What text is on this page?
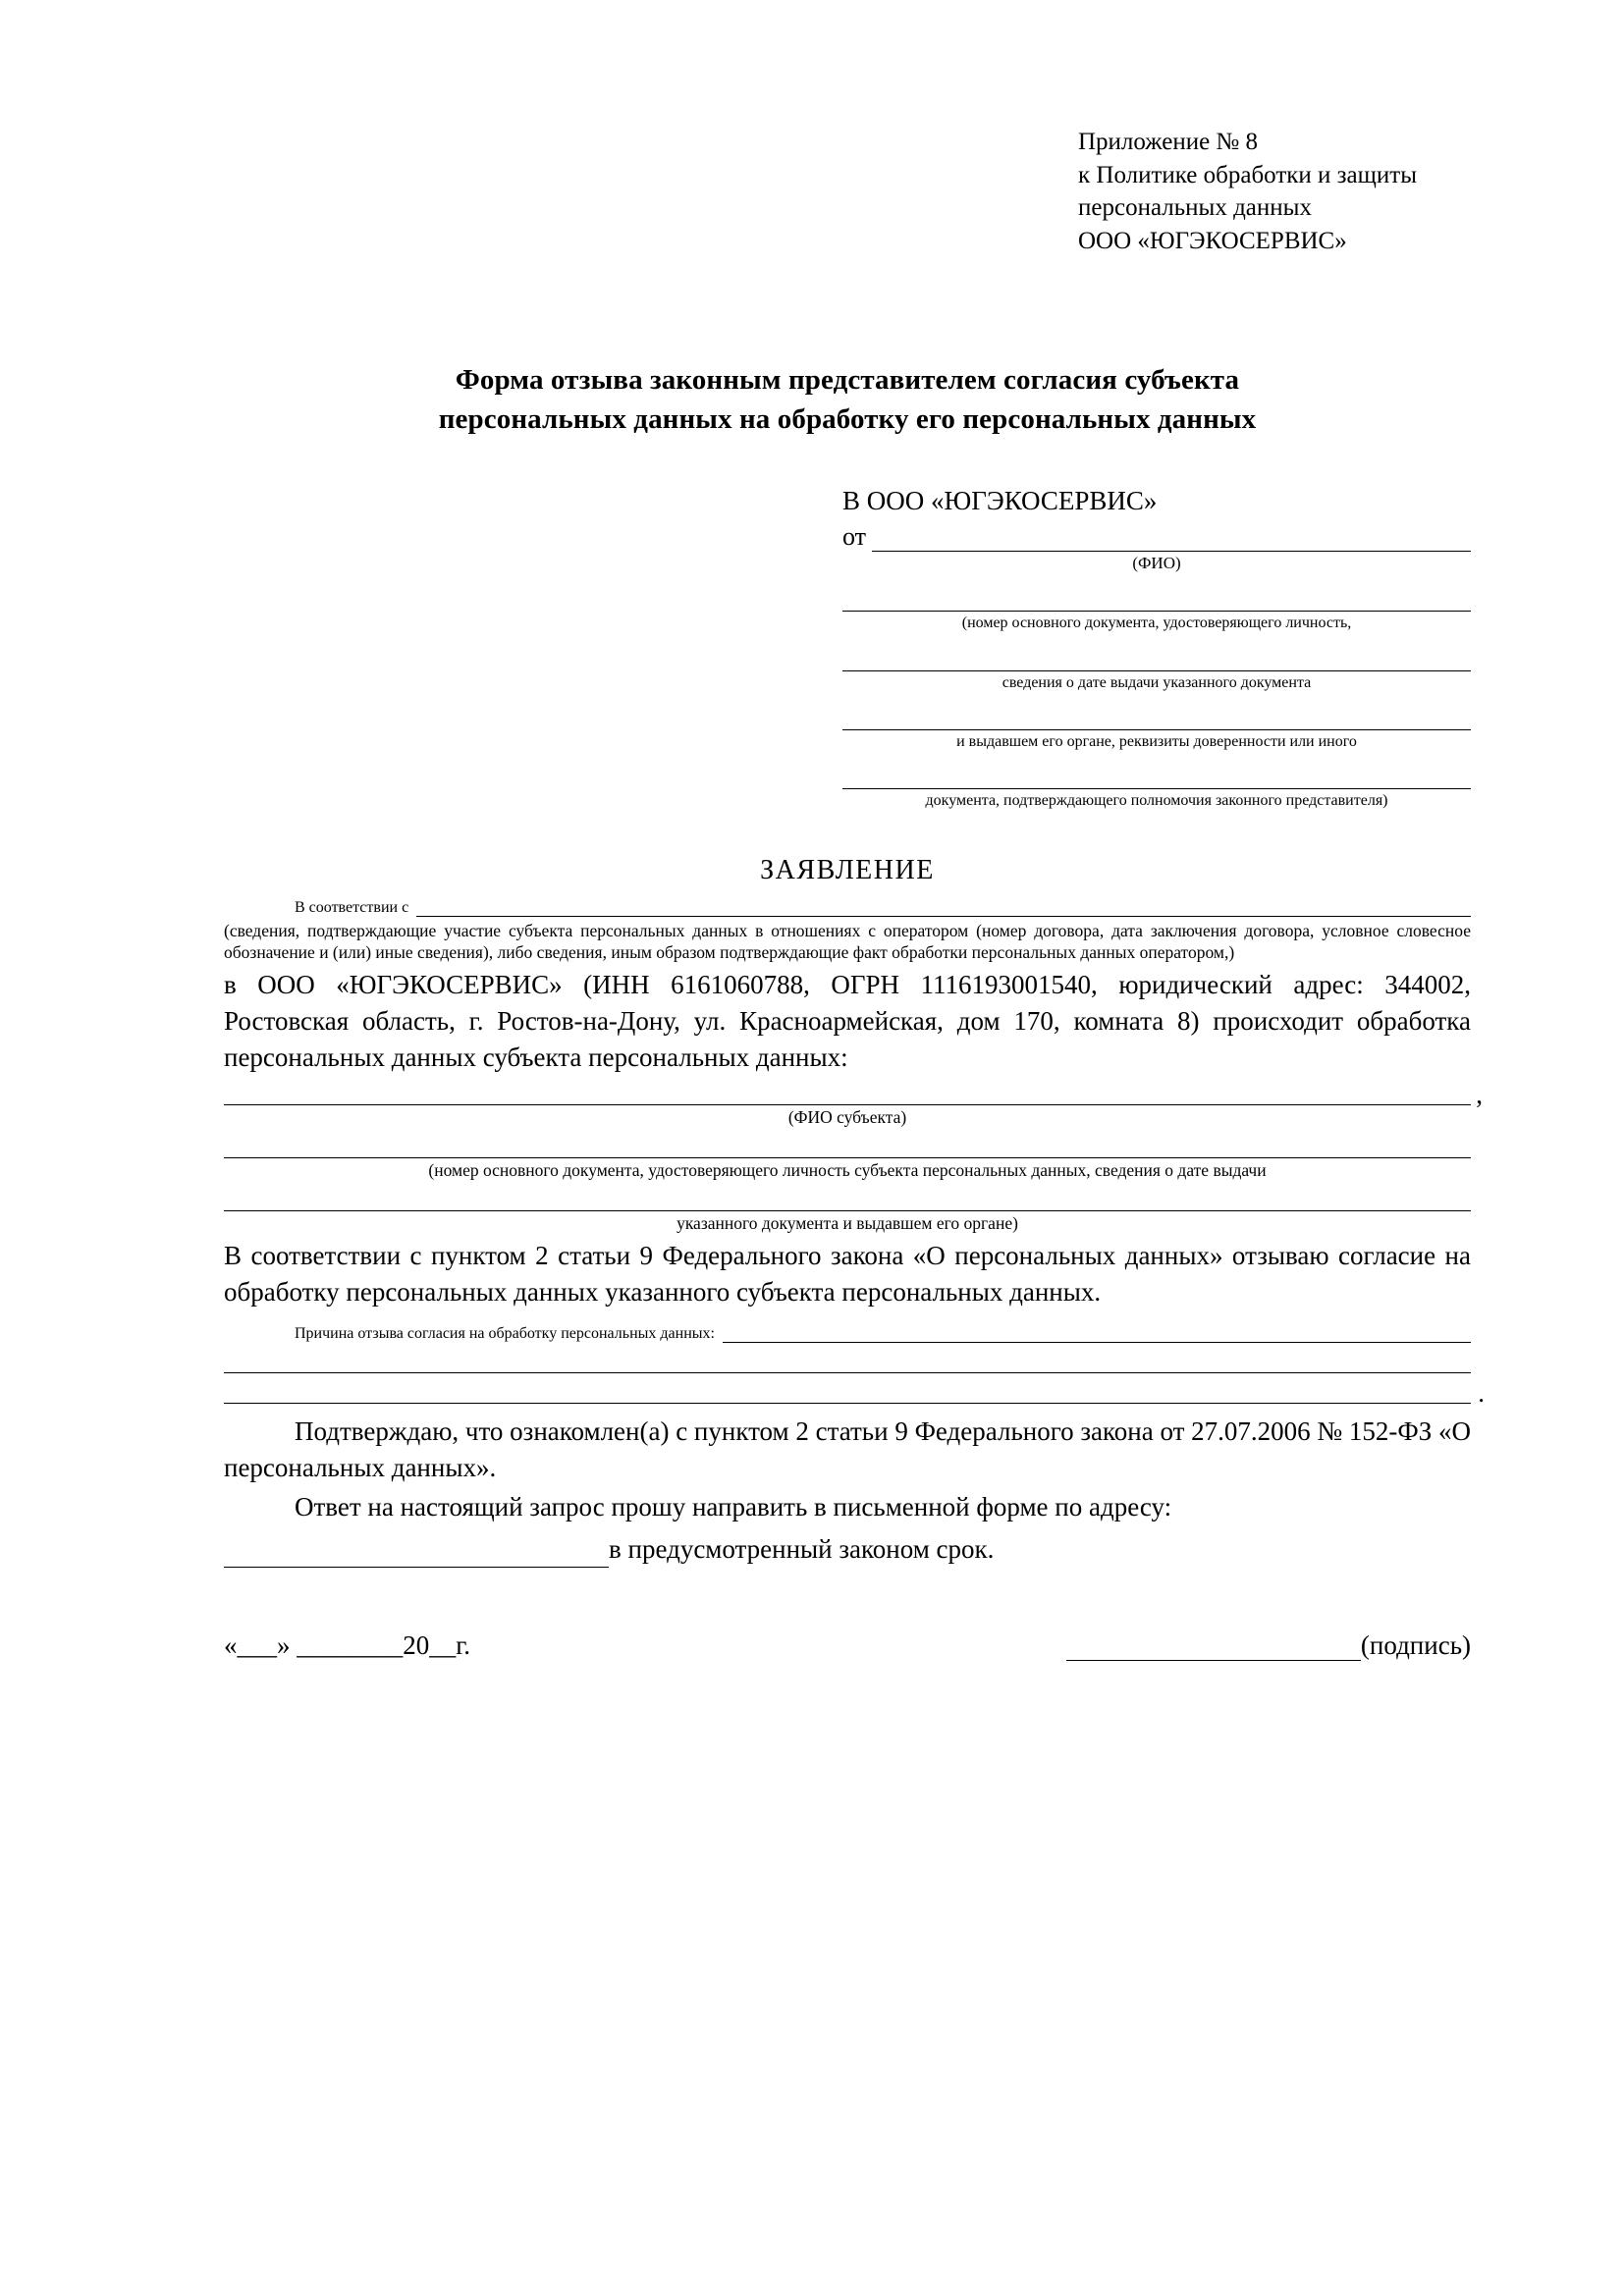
Приложение № 8
к Политике обработки и защиты
персональных данных
ООО «ЮГЭКОСЕРВИС»
Форма отзыва законным представителем согласия субъекта
персональных данных на обработку его персональных данных
В ООО «ЮГЭКОСЕРВИС»
от
(ФИО)
(номер основного документа, удостоверяющего личность,
сведения о дате выдачи указанного документа
и выдавшем его органе, реквизиты доверенности или иного
документа, подтверждающего полномочия законного представителя)
ЗАЯВЛЕНИЕ
В соответствии с
(сведения, подтверждающие участие субъекта персональных данных в отношениях с оператором (номер договора, дата заключения договора, условное словесное обозначение и (или) иные сведения), либо сведения, иным образом подтверждающие факт обработки персональных данных оператором,)
в ООО «ЮГЭКОСЕРВИС» (ИНН 6161060788, ОГРН 1116193001540, юридический адрес: 344002, Ростовская область, г. Ростов-на-Дону, ул. Красноармейская, дом 170, комната 8) происходит обработка персональных данных субъекта персональных данных:
,
(ФИО субъекта)
(номер основного документа, удостоверяющего личность субъекта персональных данных, сведения о дате выдачи
указанного документа и выдавшем его органе)
В соответствии с пунктом 2 статьи 9 Федерального закона «О персональных данных» отзываю согласие на обработку персональных данных указанного субъекта персональных данных.
Причина отзыва согласия на обработку персональных данных:
.
Подтверждаю, что ознакомлен(а) с пунктом 2 статьи 9 Федерального закона от 27.07.2006 № 152-ФЗ «О персональных данных».
Ответ на настоящий запрос прошу направить в письменной форме по адресу:
в предусмотренный законом срок.
«___» ________20__г.	(подпись)
